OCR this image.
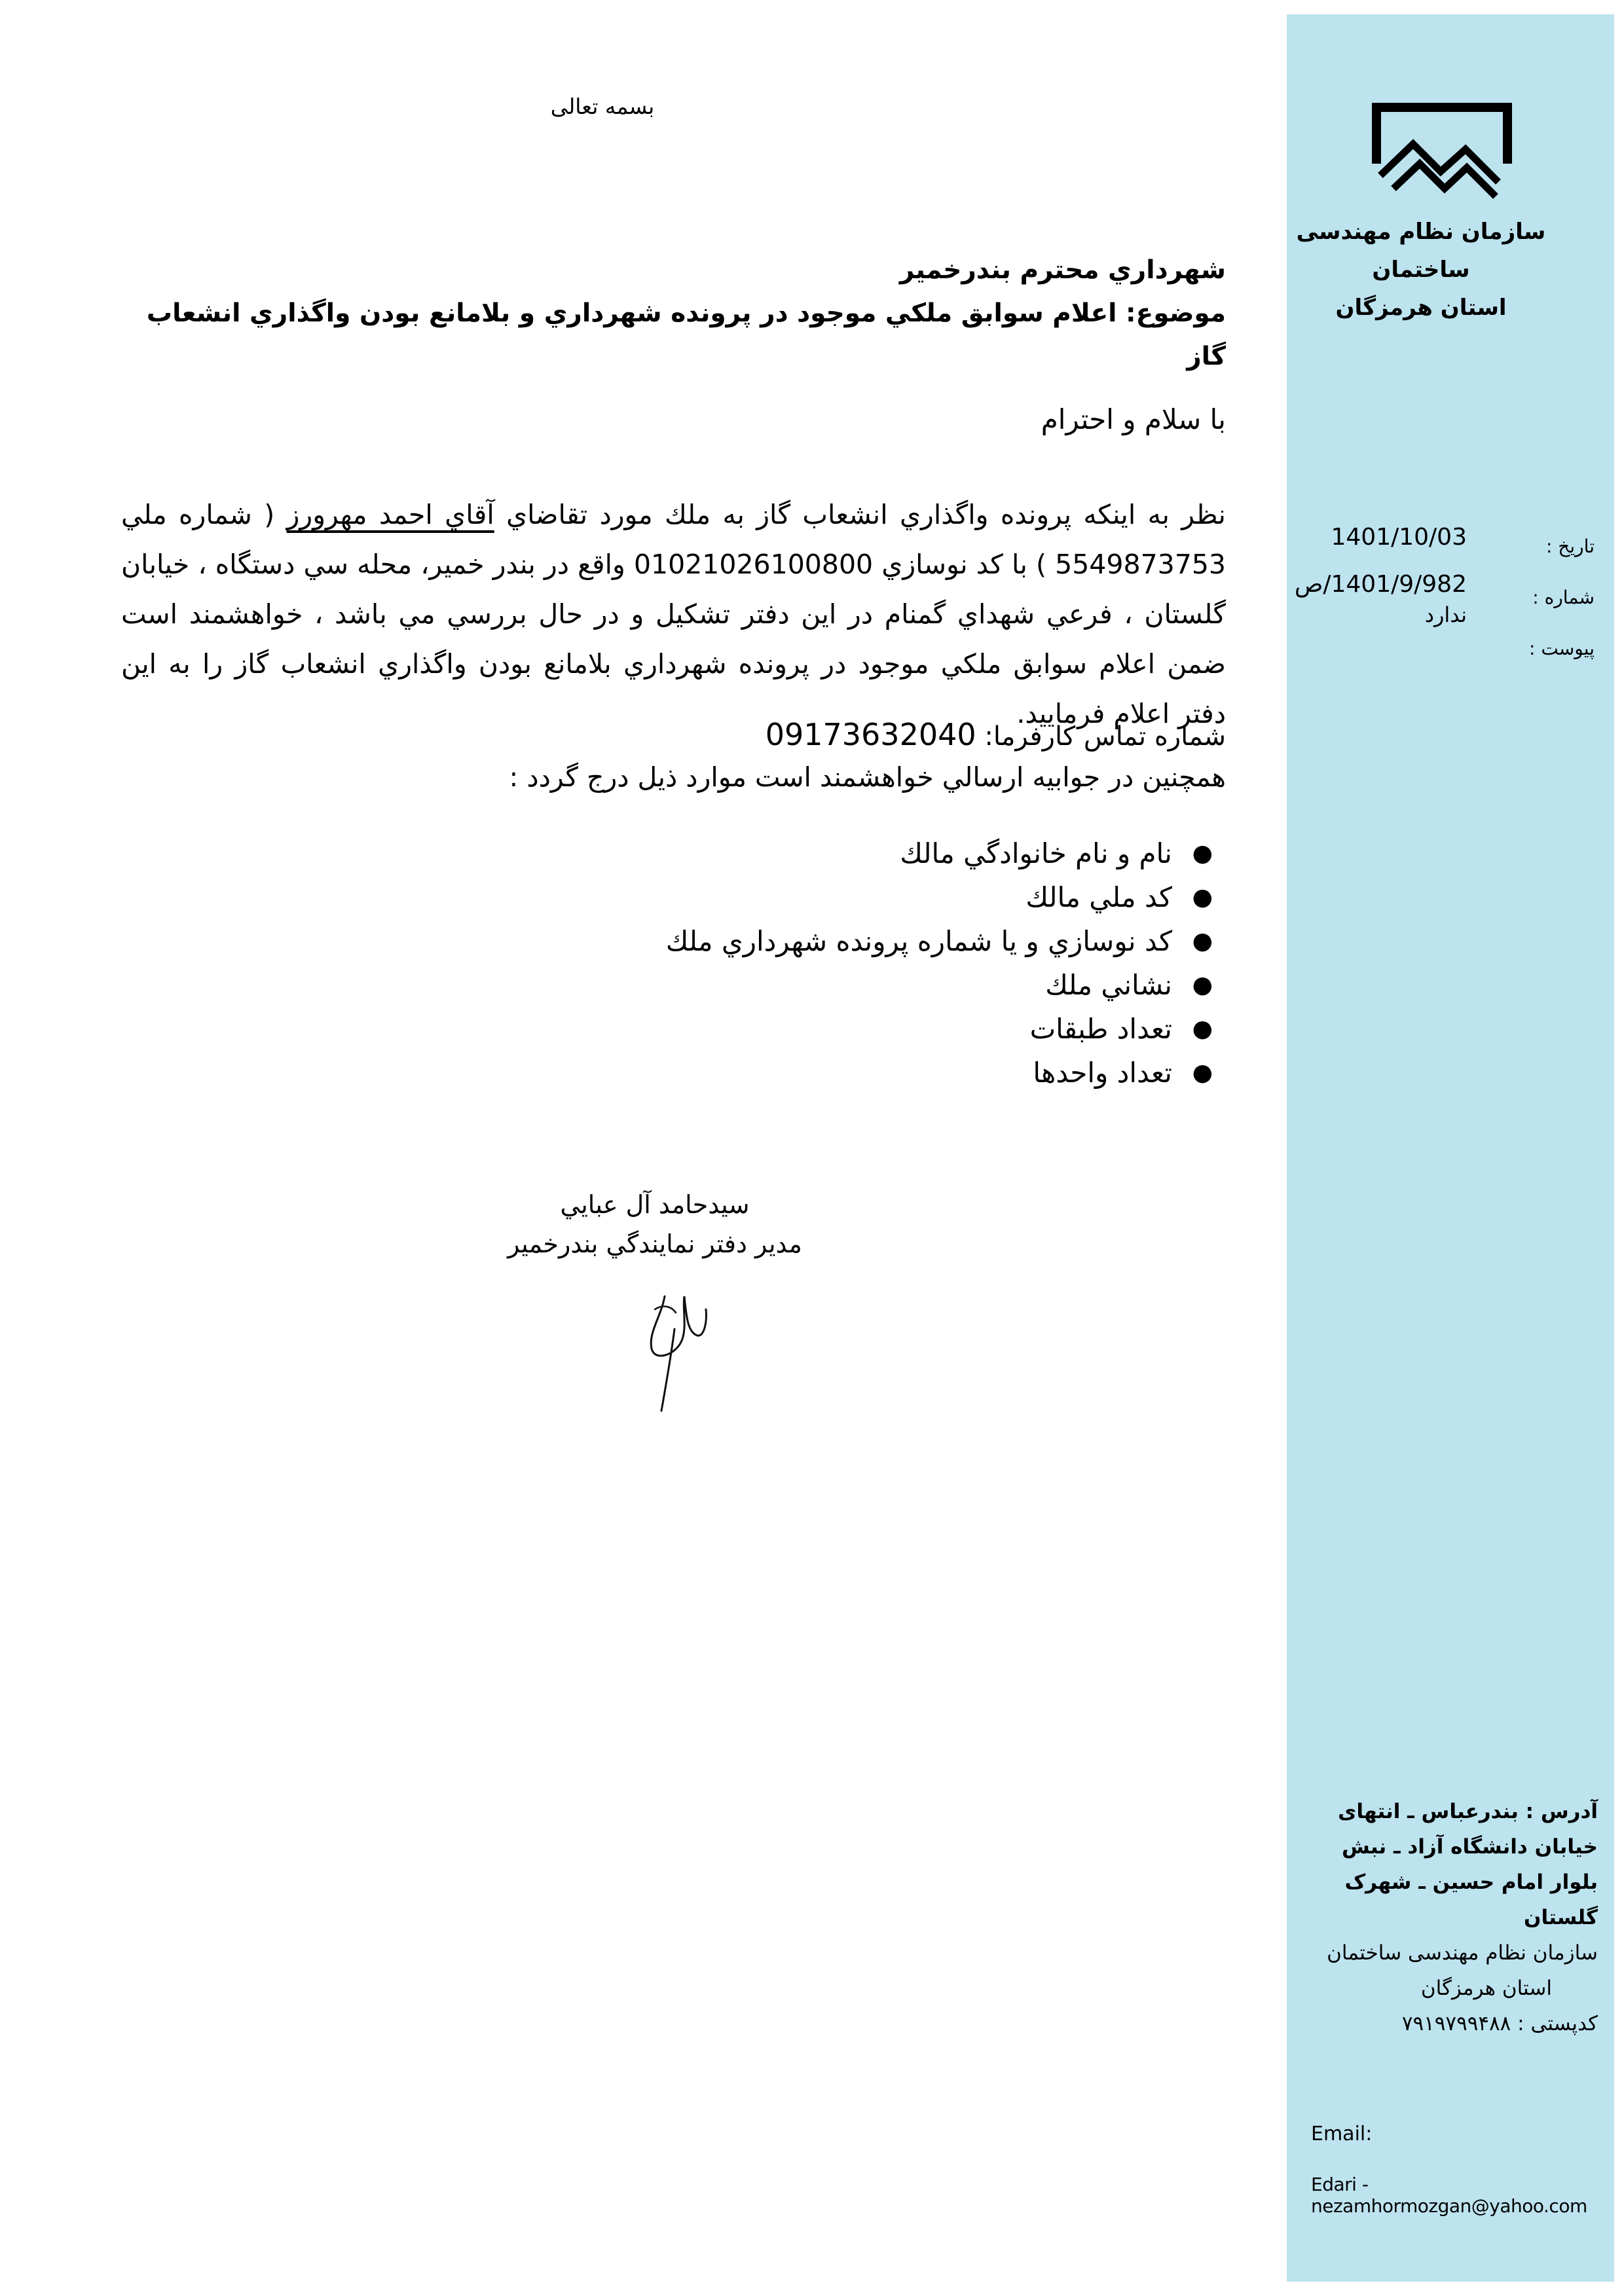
سازمان نظام مهندسی ساختمان
استان هرمزگان
تاریخ :
شماره :
پیوست :
1401/10/03
1401/9/982/ص
ندارد
آدرس : بندرعباس ـ انتهای
خیابان دانشگاه آزاد ـ نبش
بلوار امام حسین ـ شهرک
گلستان
سازمان نظام مهندسی ساختمان
استان هرمزگان
کدپستی : ۷۹۱۹۷۹۹۴۸۸
Email:
Edari - nezamhormozgan@yahoo.com
بسمه تعالی
شهرداري محترم بندرخمير
موضوع: اعلام سوابق ملكي موجود در پرونده شهرداري و بلامانع بودن واگذاري انشعاب گاز
با سلام و احترام
نظر به اينكه پرونده واگذاري انشعاب گاز به ملك مورد تقاضاي آقاي احمد مهرورز ( شماره ملي 5549873753 ) با كد نوسازي 01021026100800 واقع در بندر خمير، محله سي دستگاه ، خيابان گلستان ، فرعي شهداي گمنام در اين دفتر تشكيل و در حال بررسي مي باشد ، خواهشمند است ضمن اعلام سوابق ملكي موجود در پرونده شهرداري بلامانع بودن واگذاري انشعاب گاز را به اين دفتر اعلام فرماييد.
شماره تماس كارفرما: 09173632040
همچنين در جوابيه ارسالي خواهشمند است موارد ذيل درج گردد :
●
نام و نام خانوادگي مالك
●
كد ملي مالك
●
كد نوسازي و يا شماره پرونده شهرداري ملك
●
نشاني ملك
●
تعداد طبقات
●
تعداد واحدها
سيدحامد آل عبايي
مدير دفتر نمايندگي بندرخمير
